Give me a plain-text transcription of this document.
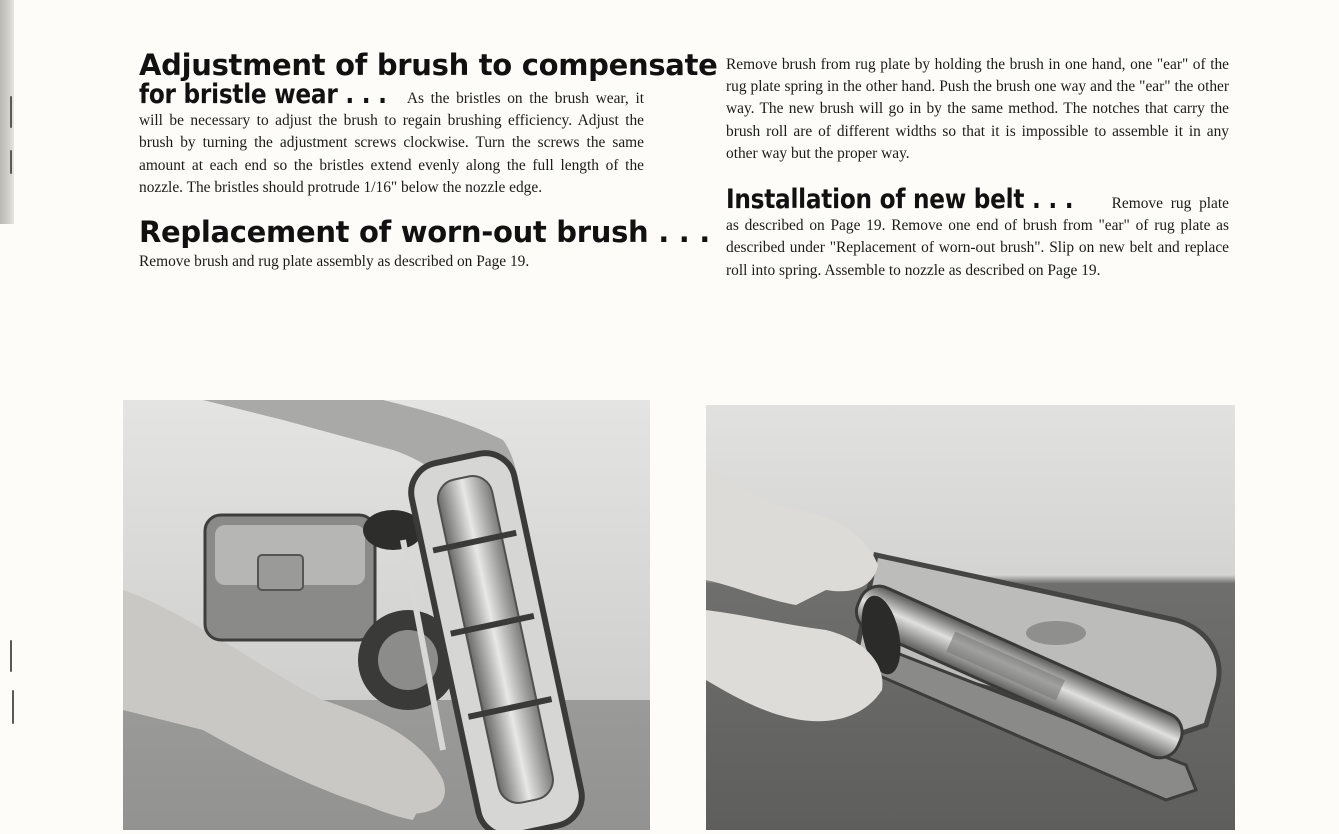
Adjustment of brush to compensate

for bristle wear . . . As the bristles on the brush wear, it will be necessary to adjust the brush to regain brushing efficiency. Adjust the brush by turning the adjustment screws clockwise. Turn the screws the same amount at each end so the bristles extend evenly along the full length of the nozzle. The bristles should protrude 1/16" below the nozzle edge.

Replacement of worn-out brush . . .

Remove brush and rug plate assembly as described on Page 19.

Remove brush from rug plate by holding the brush in one hand, one "ear" of the rug plate spring in the other hand. Push the brush one way and the "ear" the other way. The new brush will go in by the same method. The notches that carry the brush roll are of different widths so that it is impossible to assemble it in any other way but the proper way.

Installation of new belt . . . Remove rug plate as described on Page 19. Remove one end of brush from "ear" of rug plate as described under "Replacement of worn-out brush". Slip on new belt and replace roll into spring. Assemble to nozzle as described on Page 19.
